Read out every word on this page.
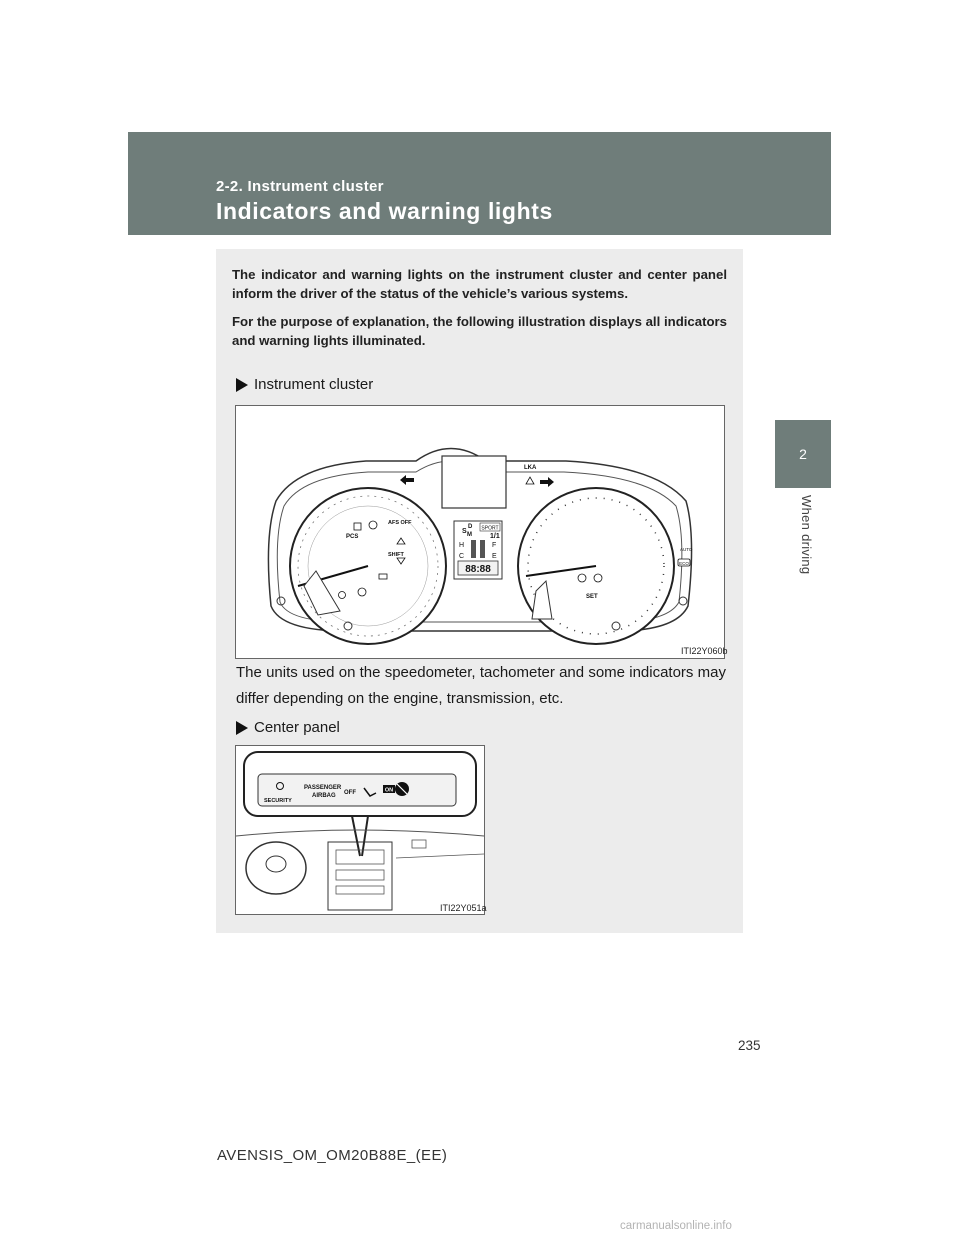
2-2. Instrument cluster
Indicators and warning lights
2
When driving

The indicator and warning lights on the instrument cluster and center panel inform the driver of the status of the vehicle’s various systems.

For the purpose of explanation, the following illustration displays all indicators and warning lights illuminated.

Instrument cluster
88:88
S
D
M
SPORT
H
C
F
E
1/1
PCS
AFS OFF
SHIFT
LKA
SET
AUTO
ECO
ITI22Y060b
The units used on the speedometer, tachometer and some indicators may differ depending on the engine, transmission, etc.
Center panel
SECURITY
PASSENGER
AIRBAG OFF	ON
ITI22Y051a
235
AVENSIS_OM_OM20B88E_(EE)
carmanualsonline.info
